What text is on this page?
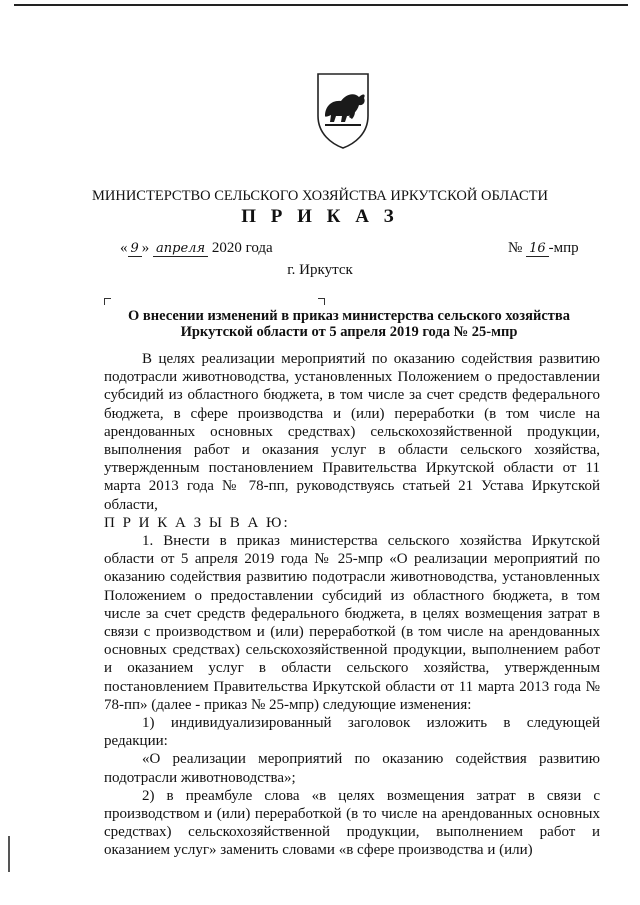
МИНИСТЕРСТВО СЕЛЬСКОГО ХОЗЯЙСТВА ИРКУТСКОЙ ОБЛАСТИ
П Р И К А З
« 9 » апреля 2020 года	№ 16 -мпр
г. Иркутск
О внесении изменений в приказ министерства сельского хозяйства
Иркутской области от 5 апреля 2019 года № 25-мпр

В целях реализации мероприятий по оказанию содействия развитию подотрасли животноводства, установленных Положением о предоставлении субсидий из областного бюджета, в том числе за счет средств федерального бюджета, в сфере производства и (или) переработки (в том числе на арендованных основных средствах) сельскохозяйственной продукции, выполнения работ и оказания услуг в области сельского хозяйства, утвержденным постановлением Правительства Иркутской области от 11 марта 2013 года № 78-пп, руководствуясь статьей 21 Устава Иркутской области,

П Р И К А З Ы В А Ю:

1. Внести в приказ министерства сельского хозяйства Иркутской области от 5 апреля 2019 года № 25-мпр «О реализации мероприятий по оказанию содействия развитию подотрасли животноводства, установленных Положением о предоставлении субсидий из областного бюджета, в том числе за счет средств федерального бюджета, в целях возмещения затрат в связи с производством и (или) переработкой (в том числе на арендованных основных средствах) сельскохозяйственной продукции, выполнением работ и оказанием услуг в области сельского хозяйства, утвержденным постановлением Правительства Иркутской области от 11 марта 2013 года № 78-пп» (далее - приказ № 25-мпр) следующие изменения:

1) индивидуализированный заголовок изложить в следующей редакции:

«О реализации мероприятий по оказанию содействия развитию подотрасли животноводства»;

2) в преамбуле слова «в целях возмещения затрат в связи с производством и (или) переработкой (в то числе на арендованных основных средствах) сельскохозяйственной продукции, выполнением работ и оказанием услуг» заменить словами «в сфере производства и (или)
